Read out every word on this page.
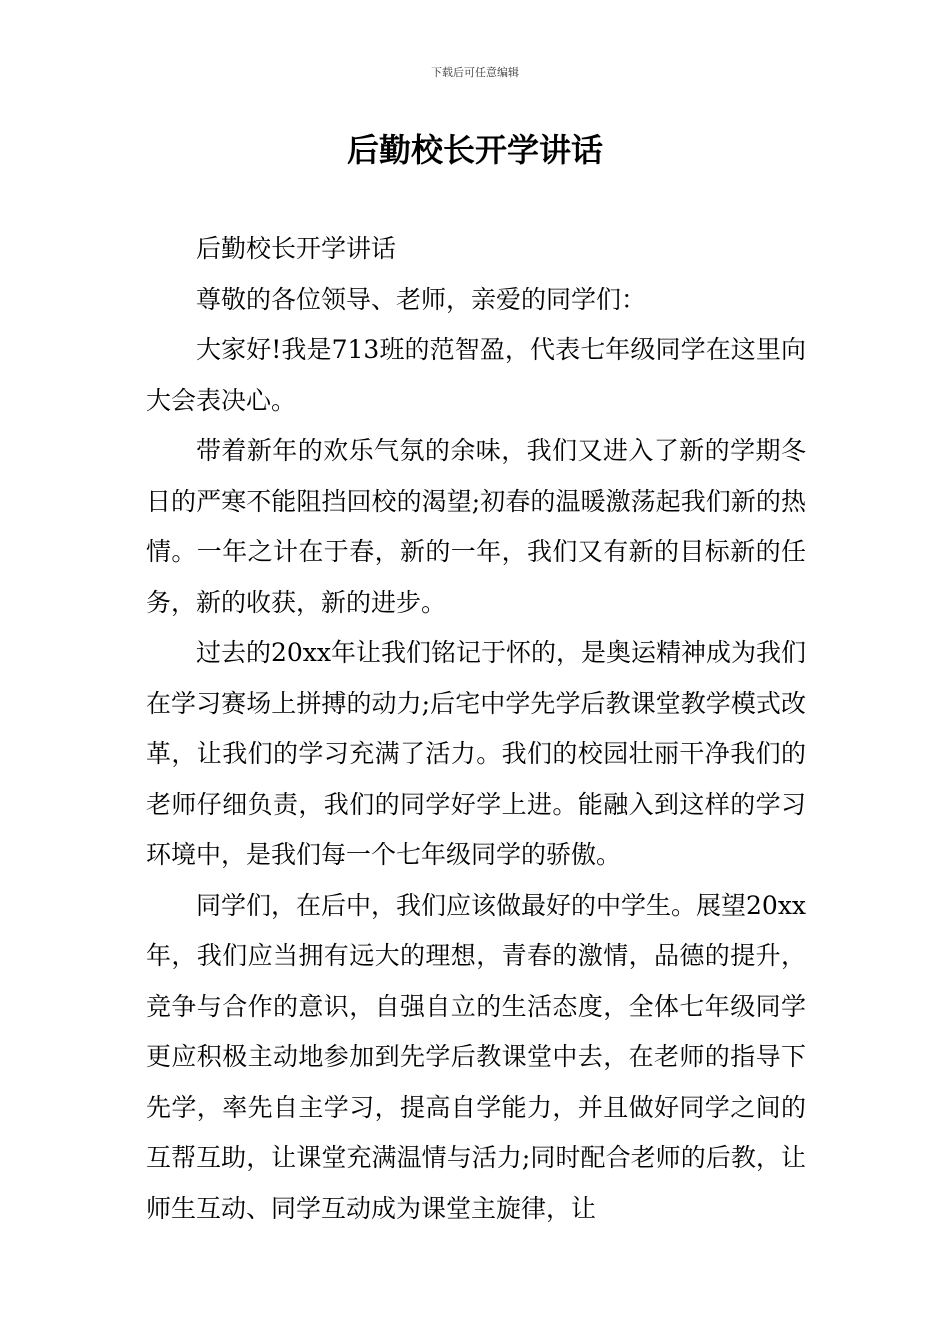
下载后可任意编辑
后勤校长开学讲话

后勤校长开学讲话

尊敬的各位领导、老师，亲爱的同学们：

大家好!我是713班的范智盈，代表七年级同学在这里向大会表决心。

带着新年的欢乐气氛的余味，我们又进入了新的学期冬日的严寒不能阻挡回校的渴望;初春的温暖激荡起我们新的热情。一年之计在于春，新的一年，我们又有新的目标新的任务，新的收获，新的进步。

过去的20xx年让我们铭记于怀的，是奥运精神成为我们在学习赛场上拼搏的动力;后宅中学先学后教课堂教学模式改革，让我们的学习充满了活力。我们的校园壮丽干净我们的老师仔细负责，我们的同学好学上进。能融入到这样的学习环境中，是我们每一个七年级同学的骄傲。

同学们，在后中，我们应该做最好的中学生。展望20xx年，我们应当拥有远大的理想，青春的激情，品德的提升，竞争与合作的意识，自强自立的生活态度，全体七年级同学更应积极主动地参加到先学后教课堂中去，在老师的指导下先学，率先自主学习，提高自学能力，并且做好同学之间的互帮互助，让课堂充满温情与活力;同时配合老师的后教，让师生互动、同学互动成为课堂主旋律，让
